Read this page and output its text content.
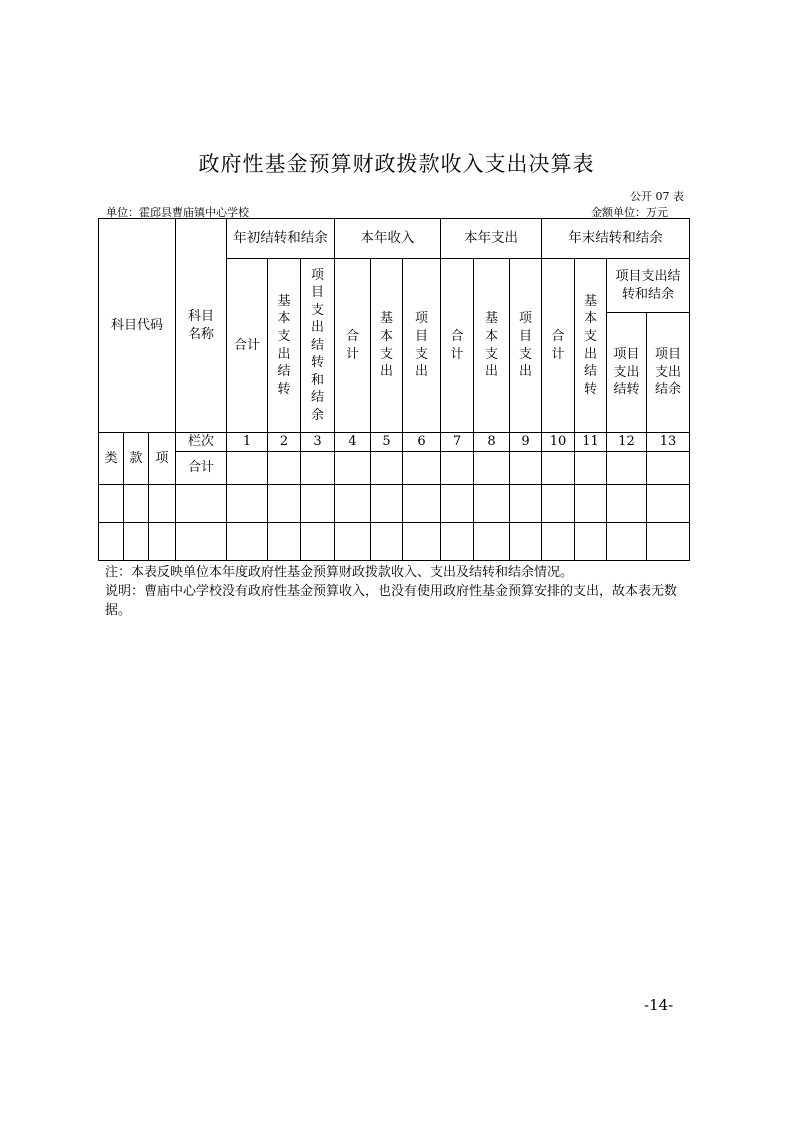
政府性基金预算财政拨款收入支出决算表
公开 07 表
单位：霍邱县曹庙镇中心学校	金额单位：万元
科目代码			科目名称	年初结转和结余			本年收入			本年支出			年末结转和结余			
				合计	基本支出结转	项目支出结转和结余	合计	基本支出	项目支出	合计	基本支出	项目支出	合计	基本支出结转	项目支出结转和结余	
															项目支出结转	项目支出结余
类	款	项	栏次	1	2	3	4	5	6	7	8	9	10	11	12	13
			合计													

注：本表反映单位本年度政府性基金预算财政拨款收入、支出及结转和结余情况。

说明：曹庙中心学校没有政府性基金预算收入，也没有使用政府性基金预算安排的支出，故本表无数据。

-14-
